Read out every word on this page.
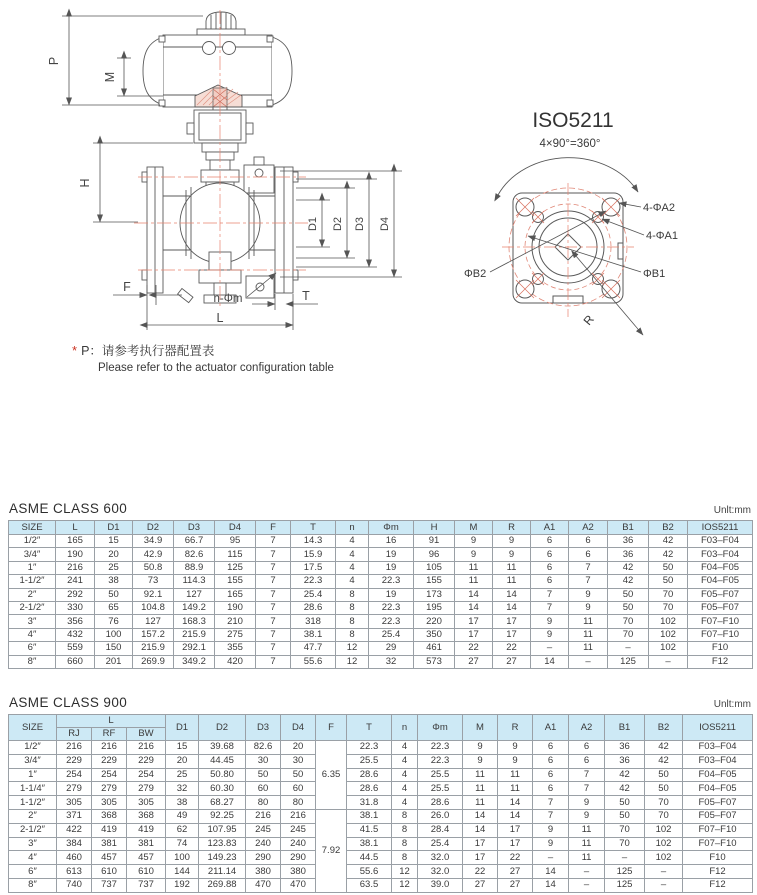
P
M
H
D1 D2 D3 D4
F
n-Φm	T
L
ISO5211
4×90°=360°
4-ΦA2
4-ΦA1
ΦB2	ΦB1
R
* P：请参考执行器配置表
Please refer to the actuator configuration table
ASME CLASS 600	Unlt:mm
SIZE	L	D1	D2	D3	D4	F	T	n	Φm	H	M	R	A1	A2	B1	B2	IOS5211
1/2″	165	15	34.9	66.7	95	7	14.3	4	16	91	9	9	6	6	36	42	F03–F04
3/4″	190	20	42.9	82.6	115	7	15.9	4	19	96	9	9	6	6	36	42	F03–F04
1″	216	25	50.8	88.9	125	7	17.5	4	19	105	11	11	6	7	42	50	F04–F05
1-1/2″	241	38	73	114.3	155	7	22.3	4	22.3	155	11	11	6	7	42	50	F04–F05
2″	292	50	92.1	127	165	7	25.4	8	19	173	14	14	7	9	50	70	F05–F07
2-1/2″	330	65	104.8	149.2	190	7	28.6	8	22.3	195	14	14	7	9	50	70	F05–F07
3″	356	76	127	168.3	210	7	318	8	22.3	220	17	17	9	11	70	102	F07–F10
4″	432	100	157.2	215.9	275	7	38.1	8	25.4	350	17	17	9	11	70	102	F07–F10
6″	559	150	215.9	292.1	355	7	47.7	12	29	461	22	22	–	11	–	102	F10
8″	660	201	269.9	349.2	420	7	55.6	12	32	573	27	27	14	–	125	–	F12
ASME CLASS 900	Unlt:mm
SIZE	L			D1	D2	D3	D4	F	T	n	Φm	M	R	A1	A2	B1	B2	IOS5211
	RJ	RF	BW															
1/2″	216	216	216	15	39.68	82.6	20	6.35	22.3	4	22.3	9	9	6	6	36	42	F03–F04
3/4″	229	229	229	20	44.45	30	30		25.5	4	22.3	9	9	6	6	36	42	F03–F04
1″	254	254	254	25	50.80	50	50		28.6	4	25.5	11	11	6	7	42	50	F04–F05
1-1/4″	279	279	279	32	60.30	60	60		28.6	4	25.5	11	11	6	7	42	50	F04–F05
1-1/2″	305	305	305	38	68.27	80	80		31.8	4	28.6	11	14	7	9	50	70	F05–F07
2″	371	368	368	49	92.25	216	216	7.92	38.1	8	26.0	14	14	7	9	50	70	F05–F07
2-1/2″	422	419	419	62	107.95	245	245		41.5	8	28.4	14	17	9	11	70	102	F07–F10
3″	384	381	381	74	123.83	240	240		38.1	8	25.4	17	17	9	11	70	102	F07–F10
4″	460	457	457	100	149.23	290	290		44.5	8	32.0	17	22	–	11	–	102	F10
6″	613	610	610	144	211.14	380	380		55.6	12	32.0	22	27	14	–	125	–	F12
8″	740	737	737	192	269.88	470	470		63.5	12	39.0	27	27	14	–	125	–	F12
